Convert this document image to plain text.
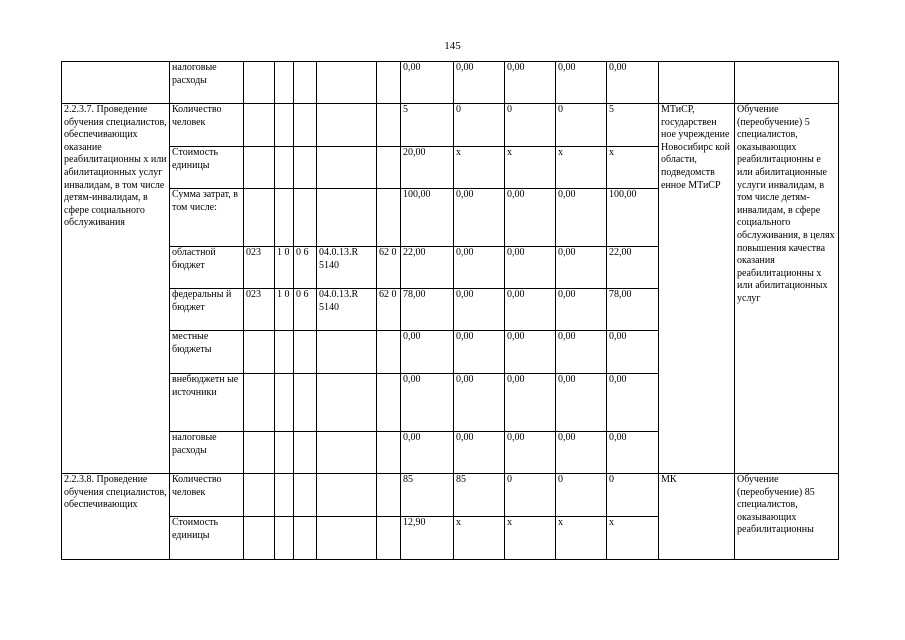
145
	налоговые расходы						0,00	0,00	0,00	0,00	0,00		
2.2.3.7. Проведение обучения специалистов, обеспечивающих оказание реабилитационны х или абилитационных услуг инвалидам, в том числе детям-инвалидам, в сфере социального обслуживания	Количество человек						5	0	0	0	5	МТиСР, государствен ное учреждение Новосибирс кой области, подведомств енное МТиСР	Обучение (переобучение) 5 специалистов, оказывающих реабилитационны е или абилитационные услуги инвалидам, в том числе детям-инвалидам, в сфере социального обслуживания, в целях повышения качества оказания реабилитационны х или абилитационных услуг
	Стоимость единицы						20,00	х	х	х	х		
	Сумма затрат, в том числе:						100,00	0,00	0,00	0,00	100,00		
	областной бюджет	023	1 0	0 6	04.0.13.R 5140	62 0	22,00	0,00	0,00	0,00	22,00		
	федеральны й бюджет	023	1 0	0 6	04.0.13.R 5140	62 0	78,00	0,00	0,00	0,00	78,00		
	местные бюджеты						0,00	0,00	0,00	0,00	0,00		
	внебюджетн ые источники						0,00	0,00	0,00	0,00	0,00		
	налоговые расходы						0,00	0,00	0,00	0,00	0,00		
2.2.3.8. Проведение обучения специалистов, обеспечивающих	Количество человек						85	85	0	0	0	МК	Обучение (переобучение) 85 специалистов, оказывающих реабилитационны
	Стоимость единицы						12,90	х	х	х	х		
